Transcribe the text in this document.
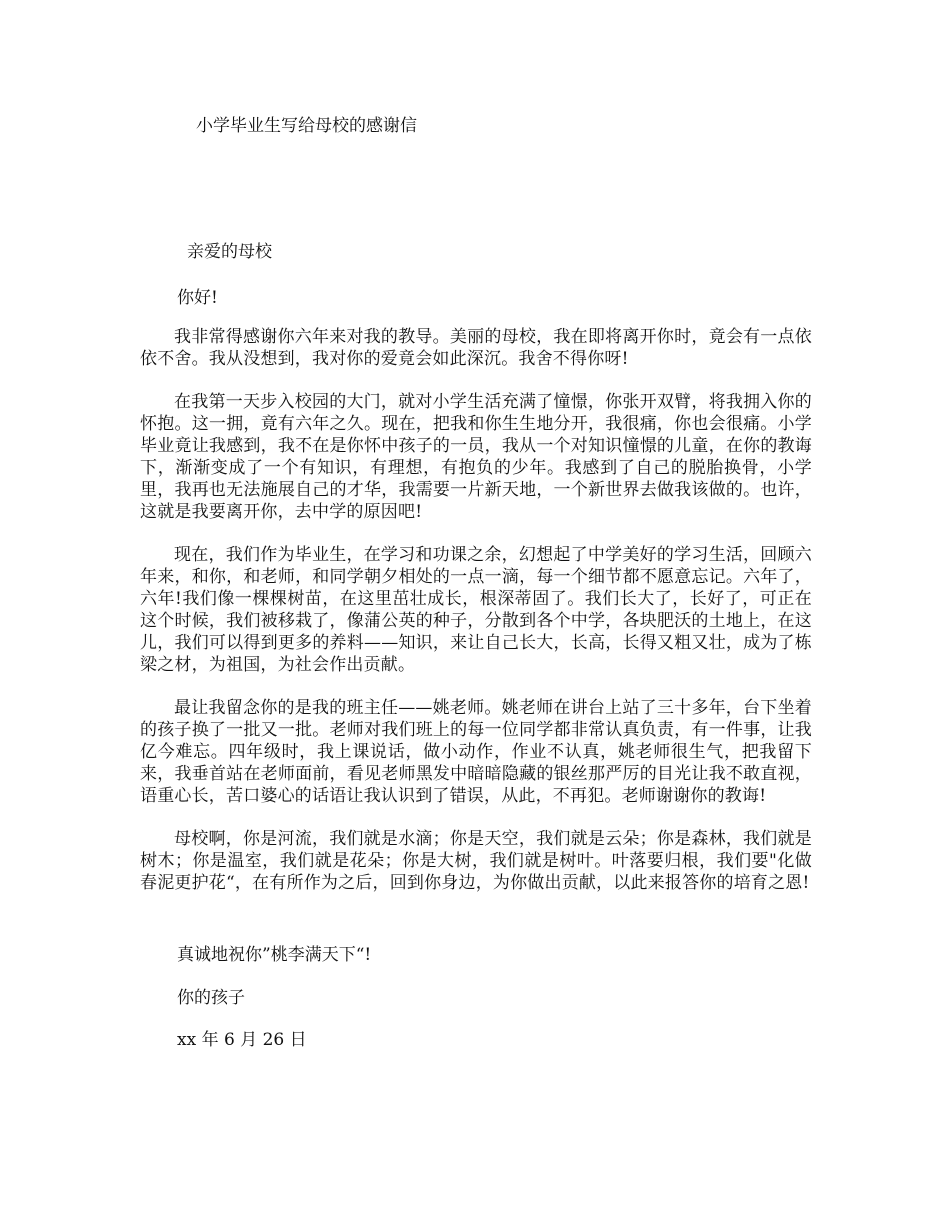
小学毕业生写给母校的感谢信
亲爱的母校
你好!

我非常得感谢你六年来对我的教导。美丽的母校，我在即将离开你时，竟会有一点依依不舍。我从没想到，我对你的爱竟会如此深沉。我舍不得你呀!

在我第一天步入校园的大门，就对小学生活充满了憧憬，你张开双臂，将我拥入你的怀抱。这一拥，竟有六年之久。现在，把我和你生生地分开，我很痛，你也会很痛。小学毕业竟让我感到，我不在是你怀中孩子的一员，我从一个对知识憧憬的儿童，在你的教诲下，渐渐变成了一个有知识，有理想，有抱负的少年。我感到了自己的脱胎换骨，小学里，我再也无法施展自己的才华，我需要一片新天地，一个新世界去做我该做的。也许，这就是我要离开你，去中学的原因吧!

现在，我们作为毕业生，在学习和功课之余，幻想起了中学美好的学习生活，回顾六年来，和你，和老师，和同学朝夕相处的一点一滴，每一个细节都不愿意忘记。六年了，六年!我们像一棵棵树苗，在这里茁壮成长，根深蒂固了。我们长大了，长好了，可正在这个时候，我们被移栽了，像蒲公英的种子，分散到各个中学，各块肥沃的土地上，在这儿，我们可以得到更多的养料——知识，来让自己长大，长高，长得又粗又壮，成为了栋梁之材，为祖国，为社会作出贡献。

最让我留念你的是我的班主任——姚老师。姚老师在讲台上站了三十多年，台下坐着的孩子换了一批又一批。老师对我们班上的每一位同学都非常认真负责，有一件事，让我亿今难忘。四年级时，我上课说话，做小动作，作业不认真，姚老师很生气，把我留下来，我垂首站在老师面前，看见老师黑发中暗暗隐藏的银丝那严厉的目光让我不敢直视，语重心长，苦口婆心的话语让我认识到了错误，从此，不再犯。老师谢谢你的教诲!

母校啊，你是河流，我们就是水滴；你是天空，我们就是云朵；你是森林，我们就是树木；你是温室，我们就是花朵；你是大树，我们就是树叶。叶落要归根，我们要"化做春泥更护花“，在有所作为之后，回到你身边，为你做出贡献，以此来报答你的培育之恩!

真诚地祝你”桃李满天下“!
你的孩子
xx 年 6 月 26 日
